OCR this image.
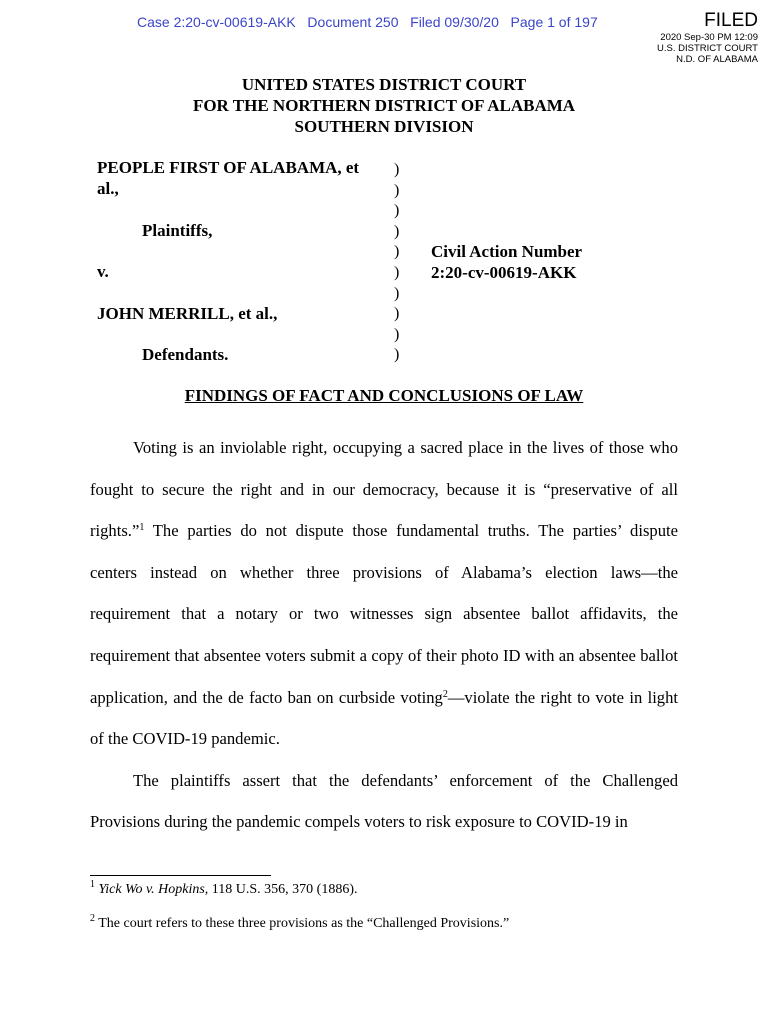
Case 2:20-cv-00619-AKK   Document 250   Filed 09/30/20   Page 1 of 197	FILED
2020 Sep-30 PM 12:09
U.S. DISTRICT COURT
N.D. OF ALABAMA
UNITED STATES DISTRICT COURT
FOR THE NORTHERN DISTRICT OF ALABAMA
SOUTHERN DIVISION
PEOPLE FIRST OF ALABAMA, et
al.,
Plaintiffs,
v.
JOHN MERRILL, et al.,
Defendants.
)
)
)
)
)
)
)
)
)
)
Civil Action Number
2:20-cv-00619-AKK
FINDINGS OF FACT AND CONCLUSIONS OF LAW

Voting is an inviolable right, occupying a sacred place in the lives of those who fought to secure the right and in our democracy, because it is “preservative of all rights.”$^1$ The parties do not dispute those fundamental truths. The parties’ dispute centers instead on whether three provisions of Alabama’s election laws—the requirement that a notary or two witnesses sign absentee ballot affidavits, the requirement that absentee voters submit a copy of their photo ID with an absentee ballot application, and the de facto ban on curbside voting$^2$—violate the right to vote in light of the COVID-19 pandemic.

The plaintiffs assert that the defendants’ enforcement of the Challenged Provisions during the pandemic compels voters to risk exposure to COVID-19 in

$^1$ Yick Wo v. Hopkins, 118 U.S. 356, 370 (1886).
$^2$ The court refers to these three provisions as the “Challenged Provisions.”
